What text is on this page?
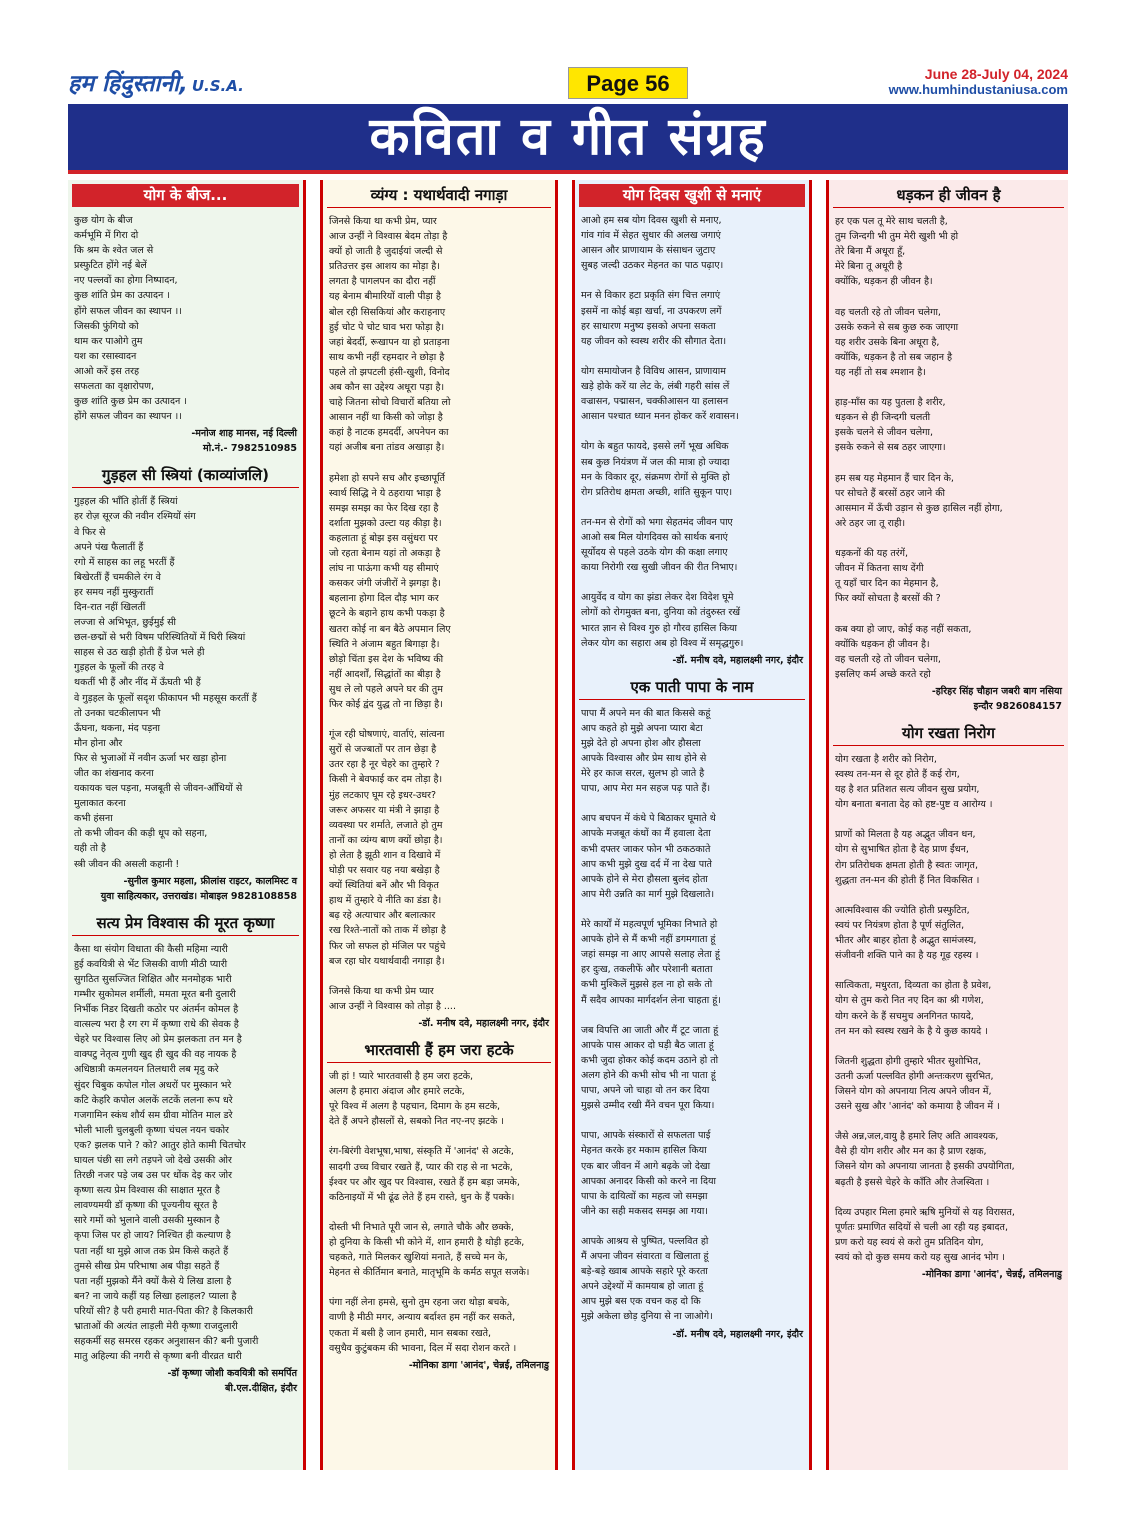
हम हिंदुस्तानी, U.S.A.	Page 56	June 28-July 04, 2024
www.humhindustaniusa.com
कविता व गीत संग्रह
योग के बीज...
कुछ योग के बीज
कर्मभूमि में गिरा दो
कि श्रम के श्वेत जल से
प्रस्फुटित होंगे नई बेलें
नए पल्लवों का होगा निष्पादन,
कुछ शांति प्रेम का उत्पादन ।
होंगे सफल जीवन का स्थापन ।।
जिसकी फुंगियो को
थाम कर पाओगे तुम
यश का रसास्वादन
आओ करें इस तरह
सफलता का वृक्षारोपण,
कुछ शांति कुछ प्रेम का उत्पादन ।
होंगे सफल जीवन का स्थापन ।।
-मनोज शाह मानस, नई दिल्ली
मो.नं.- 7982510985
गुड़हल सी स्त्रियां (काव्यांजलि)
गुड़हल की भाँति होतीं हैं स्त्रियां
हर रोज़ सूरज की नवीन रश्मियों संग
वे फिर से
अपने पंख फैलातीं हैं
रगो में साहस का लहू भरतीं हैं
बिखेरतीं हैं चमकीले रंग वे
हर समय नहीं मुस्कुरातीं
दिन-रात नहीं खिलतीं
लज्जा से अभिभूत, छुईमुई सी
छल-छद्मों से भरी विषम परिस्थितियों में घिरी स्त्रियां
साहस से उठ खड़ी होती हैं ग्रेज भले ही
गुड़हल के फूलों की तरह वे
थकतीं भी हैं और नींद में ऊँघती भी हैं
वे गुड़हल के फूलों सदृश फीकापन भी महसूस करतीं हैं
तो उनका चटकीलापन भी
ऊँघना, थकना, मंद पड़ना
मौन होना और
फिर से भुजाओं में नवीन ऊर्जा भर खड़ा होना
जीत का शंखनाद करना
यकायक चल पड़ना, मजबूती से जीवन-आँधियों से
मुलाकात करना
कभी हंसना
तो कभी जीवन की कड़ी धूप को सहना,
यही तो है
स्त्री जीवन की असली कहानी !
-सुनील कुमार महला, फ्रीलांस राइटर, कालमिस्ट व
युवा साहित्यकार, उत्तराखंड। मोबाइल 9828108858
सत्य प्रेम विश्वास की मूरत कृष्णा
कैसा था संयोग विधाता की कैसी महिमा न्यारी
हुई कवयित्री से भेंट जिसकी वाणी मीठी प्यारी
सुगठित सुसज्जित शिक्षित और मनमोहक भारी
गम्भीर सुकोमल शर्मीली, ममता मूरत बनी दुलारी
निर्भीक निडर दिखती कठोर पर अंतर्मन कोमल है
वात्सल्य भरा है रग रग में कृष्णा राधे की सेवक है
चेहरे पर विश्वास लिए ओ प्रेम झलकता तन मन है
वाक्पटु नेतृत्व गुणी खुद ही खुद की वह नायक है
अधिष्ठात्री कमलनयन तिलधारी लब मृदु करे
सुंदर चिबुक कपोल गोल अधरों पर मुस्कान भरे
कटि केहरि कपोल अलकें लटकें ललना रूप धरे
गजगामिन स्कंध शौर्य सम ग्रीवा मोतिन माल डरे
भोली भाली चुलबुली कृष्णा चंचल नयन चकोर
एक? झलक पाने ? को? आतुर होते कामी चितचोर
घायल पंछी सा लगे तड़पने जो देखे उसकी ओर
तिरछी नजर पड़े जब उस पर धोंक देइ कर जोर
कृष्णा सत्य प्रेम विश्वास की साक्षात मूरत है
लावण्यमयी डॉ कृष्णा की पूज्यनीय सूरत है
सारे गमों को भुलाने वाली उसकी मुस्कान है
कृपा जिस पर हो जाय? निश्चित ही कल्याण है
पता नहीं था मुझे आज तक प्रेम किसे कहते हैं
तुमसे सीख प्रेम परिभाषा अब पीड़ा सहते हैं
पता नहीं मुझको मैंने क्यों कैसे ये लिख डाला है
बन? ना जाये कहीं यह लिखा हलाहल? प्याला है
परियों सी? है परी हमारी मात-पिता की? है किलकारी
भ्राताओं की अत्यंत लाड़ली मेरी कृष्णा राजदुलारी
सहकर्मी सह समरस रहकर अनुशासन की? बनी पुजारी
मातु अहिल्या की नगरी से कृष्णा बनी वीरव्रत धारी
-डॉ कृष्णा जोशी कवयित्री को समर्पित
बी.एल.दीक्षित, इंदौर
व्यंग्य : यथार्थवादी नगाड़ा
जिनसे किया था कभी प्रेम, प्यार
आज उन्हीं ने विश्वास बेदम तोड़ा है
क्यों हो जाती है जुदाईयां जल्दी से
प्रतिउत्तर इस आशय का मोड़ा है।
लगता है पागलपन का दौरा नहीं
यह बेनाम बीमारियों वाली पीड़ा है
बोल रही सिसकियां और कराहनाए
हुई चोट पे चोट घाव भरा फोड़ा है।
जहां बेदर्दी, रूखापन या हो प्रताड़ना
साथ कभी नहीं रहमदार ने छोड़ा है
पहले तो झपटली हंसी-खुशी, विनोद
अब कौन सा उद्देश्य अधूरा पड़ा है।
चाहे जितना सोचो विचारों बतिया लो
आसान नहीं था किसी को जोड़ा है
कहां है नाटक हमदर्दी, अपनेपन का
यहां अजीब बना तांडव अखाड़ा है।

हमेशा हो सपने सच और इच्छापूर्ति
स्वार्थ सिद्धि ने ये ठहराया भाड़ा है
समझ समझ का फेर दिख रहा है
दर्शाता मुझको उल्टा यह कीड़ा है।
कहलाता हूं बोझ इस वसुंधरा पर
जो रहता बेनाम यहां तो अकड़ा है
लांघ ना पाऊंगा कभी यह सीमाएं
कसकर जंगी जंजीरों ने झगड़ा है।
बहलाना होगा दिल दौड़ भाग कर
छूटने के बहाने हाथ कभी पकड़ा है
खतरा कोई ना बन बैठे अपमान लिए
स्थिति ने अंजाम बहुत बिगाड़ा है।
छोड़ो चिंता इस देश के भविष्य की
नहीं आदर्शों, सिद्धांतों का बीड़ा है
सुध ले लो पहले अपने घर की तुम
फिर कोई द्वंद युद्ध तो ना छिड़ा है।

गूंज रही घोषणाएं, वार्ताएं, सांत्वना
सुरों से जज्बातों पर तान छेड़ा है
उतर रहा है नूर चेहरे का तुम्हारे ?
किसी ने बेवफाई कर दम तोड़ा है।
मुंह लटकाए घूम रहे इधर-उधर?
जरूर अफसर या मंत्री ने झाड़ा है
व्यवस्था पर शर्माते, लजाते हो तुम
तानों का व्यंग्य बाण क्यों छोड़ा है।
हो लेता है झूठी शान व दिखावे में
घोड़ी पर सवार यह नया बखेड़ा है
क्यों स्थितियां बनें और भी विकृत
हाथ में तुम्हारे ये नीति का डंडा है।
बढ़ रहे अत्याचार और बलात्कार
रख रिश्ते-नातों को ताक में छोड़ा है
फिर जो सफल हो मंजिल पर पहुंचे
बज रहा घोर यथार्थवादी नगाड़ा है।

जिनसे किया था कभी प्रेम प्यार
आज उन्हीं ने विश्वास को तोड़ा है ....
-डॉ. मनीष दवे, महालक्ष्मी नगर, इंदौर
भारतवासी हैं हम जरा हटके
जी हां ! प्यारे भारतवासी है हम जरा हटके,
अलग है हमारा अंदाज और हमारे लटके,
पूरे विश्व में अलग है पहचान, दिमाग के हम सटके,
देते हैं अपने हौसलों से, सबको नित नए-नए झटके ।

रंग-बिरंगी वेशभूषा,भाषा, संस्कृति में 'आनंद' से अटके,
सादगी उच्च विचार रखते हैं, प्यार की राह से ना भटके,
ईश्वर पर और खुद पर विश्वास, रखते हैं हम बड़ा जमके,
कठिनाइयों में भी ढूंढ लेते हैं हम रास्ते, धुन के हैं पक्के।

दोस्ती भी निभाते पूरी जान से, लगाते चौके और छक्के,
हो दुनिया के किसी भी कोने में, शान हमारी है थोड़ी हटके,
चहकते, गाते मिलकर खुशियां मनाते, हैं सच्चे मन के,
मेहनत से कीर्तिमान बनाते, मातृभूमि के कर्मठ सपूत सजके।

पंगा नहीं लेना हमसे, सुनो तुम रहना जरा थोड़ा बचके,
वाणी है मीठी मगर, अन्याय बर्दाश्त हम नहीं कर सकते,
एकता में बसी है जान हमारी, मान सबका रखते,
वसुधैव कुटुंबकम की भावना, दिल में सदा रोशन करते ।
-मोनिका डागा 'आनंद', चेन्नई, तमिलनाडु
योग दिवस खुशी से मनाएं
आओ हम सब योग दिवस खुशी से मनाए,
गांव गांव में सेहत सुधार की अलख जगाएं
आसन और प्राणायाम के संसाधन जुटाए
सुबह जल्दी उठकर मेहनत का पाठ पढ़ाए।

मन से विकार हटा प्रकृति संग चित्त लगाएं
इसमें ना कोई बड़ा खर्चा, ना उपकरण लगें
हर साधारण मनुष्य इसको अपना सकता
यह जीवन को स्वस्थ शरीर की सौगात देता।

योग समायोजन है विविध आसन, प्राणायाम
खड़े होके करें या लेट के, लंबी गहरी सांस लें
वज्रासन, पद्मासन, चक्कीआसन या हलासन
आसान पश्चात ध्यान मनन होकर करें शवासन।

योग के बहुत फायदे, इससे लगें भूख अधिक
सब कुछ नियंत्रण में जल की मात्रा हो ज्यादा
मन के विकार दूर, संक्रमण रोगों से मुक्ति हो
रोग प्रतिरोध क्षमता अच्छी, शांति सुकून पाए।

तन-मन से रोगों को भगा सेहतमंद जीवन पाए
आओ सब मिल योगदिवस को सार्थक बनाएं
सूर्योदय से पहले उठके योग की कक्षा लगाए
काया निरोगी रख सुखी जीवन की रीत निभाए।

आयुर्वेद व योग का झंडा लेकर देश विदेश घूमे
लोगों को रोगमुक्त बना, दुनिया को तंदुरुस्त रखें
भारत ज्ञान से विश्व गुरु हो गौरव हासिल किया
लेकर योग का सहारा अब हो विश्व में समृद्धगुरु।
-डॉ. मनीष दवे, महालक्ष्मी नगर, इंदौर
एक पाती पापा के नाम
पापा मैं अपने मन की बात किससे कहूं
आप कहते हो मुझे अपना प्यारा बेटा
मुझे देते हो अपना होश और हौसला
आपके विश्वास और प्रेम साथ होने से
मेरे हर काज सरल, सुलभ हो जाते है
पापा, आप मेरा मन सहज पढ़ पाते हैं।

आप बचपन में कंधे पे बिठाकर घूमाते थे
आपके मजबूत कंधों का मैं हवाला देता
कभी दफ्तर जाकर फोन भी ठकठकाते
आप कभी मुझे दुख दर्द में ना देख पाते
आपके होने से मेरा हौसला बुलंद होता
आप मेरी उन्नति का मार्ग मुझे दिखलाते।

मेरे कार्यों में महत्वपूर्ण भूमिका निभाते हो
आपके होने से मैं कभी नहीं डगमगाता हूं
जहां समझ ना आए आपसे सलाह लेता हूं
हर दुःख, तकलीफें और परेशानी बताता
कभी मुश्किलें मुझसे हल ना हो सके तो
मैं सदैव आपका मार्गदर्शन लेना चाहता हूं।

जब विपत्ति आ जाती और मैं टूट जाता हूं
आपके पास आकर दो घड़ी बैठ जाता हूं
कभी जुदा होकर कोई कदम उठाने हो तो
अलग होने की कभी सोच भी ना पाता हूं
पापा, अपने जो चाहा वो तन कर दिया
मुझसे उम्मीद रखी मैंने वचन पूरा किया।

पापा, आपके संस्कारों से सफलता पाई
मेहनत करके हर मकाम हासिल किया
एक बार जीवन में आगे बढ़के जो देखा
आपका अनादर किसी को करने ना दिया
पापा के दायित्वों का महत्व जो समझा
जीने का सही मकसद समझ आ गया।

आपके आश्रय से पुष्पित, पल्लवित हो
मैं अपना जीवन संवारता व खिलाता हूं
बड़े-बड़े ख्वाब आपके सहारे पूरे करता
अपने उद्देश्यों में कामयाब हो जाता हूं
आप मुझे बस एक वचन कह दो कि
मुझे अकेला छोड़ दुनिया से ना जाओगे।
-डॉ. मनीष दवे, महालक्ष्मी नगर, इंदौर
धड़कन ही जीवन है
हर एक पल तू मेरे साथ चलती है,
तुम जिन्दगी भी तुम मेरी खुशी भी हो
तेरे बिना मैं अधूरा हूँ,
मेरे बिना तू अधूरी है
क्योंकि, धड़कन ही जीवन है।

वह चलती रहे तो जीवन चलेगा,
उसके रुकने से सब कुछ रुक जाएगा
यह शरीर उसके बिना अधूरा है,
क्योंकि, धड़कन है तो सब जहान है
यह नहीं तो सब श्मशान है।

हाड़-माँस का यह पुतला है शरीर,
धड़कन से ही जिन्दगी चलती
इसके चलने से जीवन चलेगा,
इसके रुकने से सब ठहर जाएगा।

हम सब यह मेहमान हैं चार दिन के,
पर सोचते हैं बरसों ठहर जाने की
आसमान में ऊँची उड़ान से कुछ हासिल नहीं होगा,
अरे ठहर जा तू राही।

धड़कनों की यह तरंगें,
जीवन में कितना साथ देंगी
तू यहाँ चार दिन का मेहमान है,
फिर क्यों सोचता है बरसों की ?

कब क्या हो जाए, कोई कह नहीं सकता,
क्योंकि धड़कन ही जीवन है।
वह चलती रहे तो जीवन चलेगा,
इसलिए कर्म अच्छे करते रहो
-हरिहर सिंह चौहान जबरी बाग नसिया
इन्दौर 9826084157
योग रखता निरोग
योग रखता है शरीर को निरोग,
स्वस्थ तन-मन से दूर होते हैं कई रोग,
यह है शत प्रतिशत सत्य जीवन सुख प्रयोग,
योग बनाता बनाता देह को हष्ट-पुष्ट व आरोग्य ।

प्राणों को मिलता है यह अद्भुत जीवन धन,
योग से सुभाषित होता है देह प्राण ईंधन,
रोग प्रतिरोधक क्षमता होती है स्वतः जागृत,
शुद्धता तन-मन की होती हैं नित विकसित ।

आत्मविश्वास की ज्योति होती प्रस्फुटित,
स्वयं पर नियंत्रण होता है पूर्ण संतुलित,
भीतर और बाहर होता है अद्भुत सामंजस्य,
संजीवनी शक्ति पाने का है यह गूढ़ रहस्य ।

सात्विकता, मधुरता, दिव्यता का होता है प्रवेश,
योग से तुम करो नित नए दिन का श्री गणेश,
योग करने के हैं सचमुच अनगिनत फायदे,
तन मन को स्वस्थ रखने के है ये कुछ कायदे ।

जितनी शुद्धता होगी तुम्हारे भीतर सुशोभित,
उतनी ऊर्जा पल्लवित होगी अन्तःकरण सुरभित,
जिसने योग को अपनाया नित्य अपने जीवन में,
उसने सुख और 'आनंद' को कमाया है जीवन में ।

जैसे अन्न,जल,वायु है हमारे लिए अति आवश्यक,
वैसे ही योग शरीर और मन का है प्राण रक्षक,
जिसने योग को अपनाया जानता है इसकी उपयोगिता,
बढ़ती है इससे चेहरे के काँति और तेजस्विता ।

दिव्य उपहार मिला हमारे ऋषि मुनियों से यह विरासत,
पूर्णतः प्रमाणित सदियों से चली आ रही यह इबादत,
प्रण करो यह स्वयं से करो तुम प्रतिदिन योग,
स्वयं को दो कुछ समय करो यह सुख आनंद भोग ।
-मोनिका डागा 'आनंद', चेन्नई, तमिलनाडु
